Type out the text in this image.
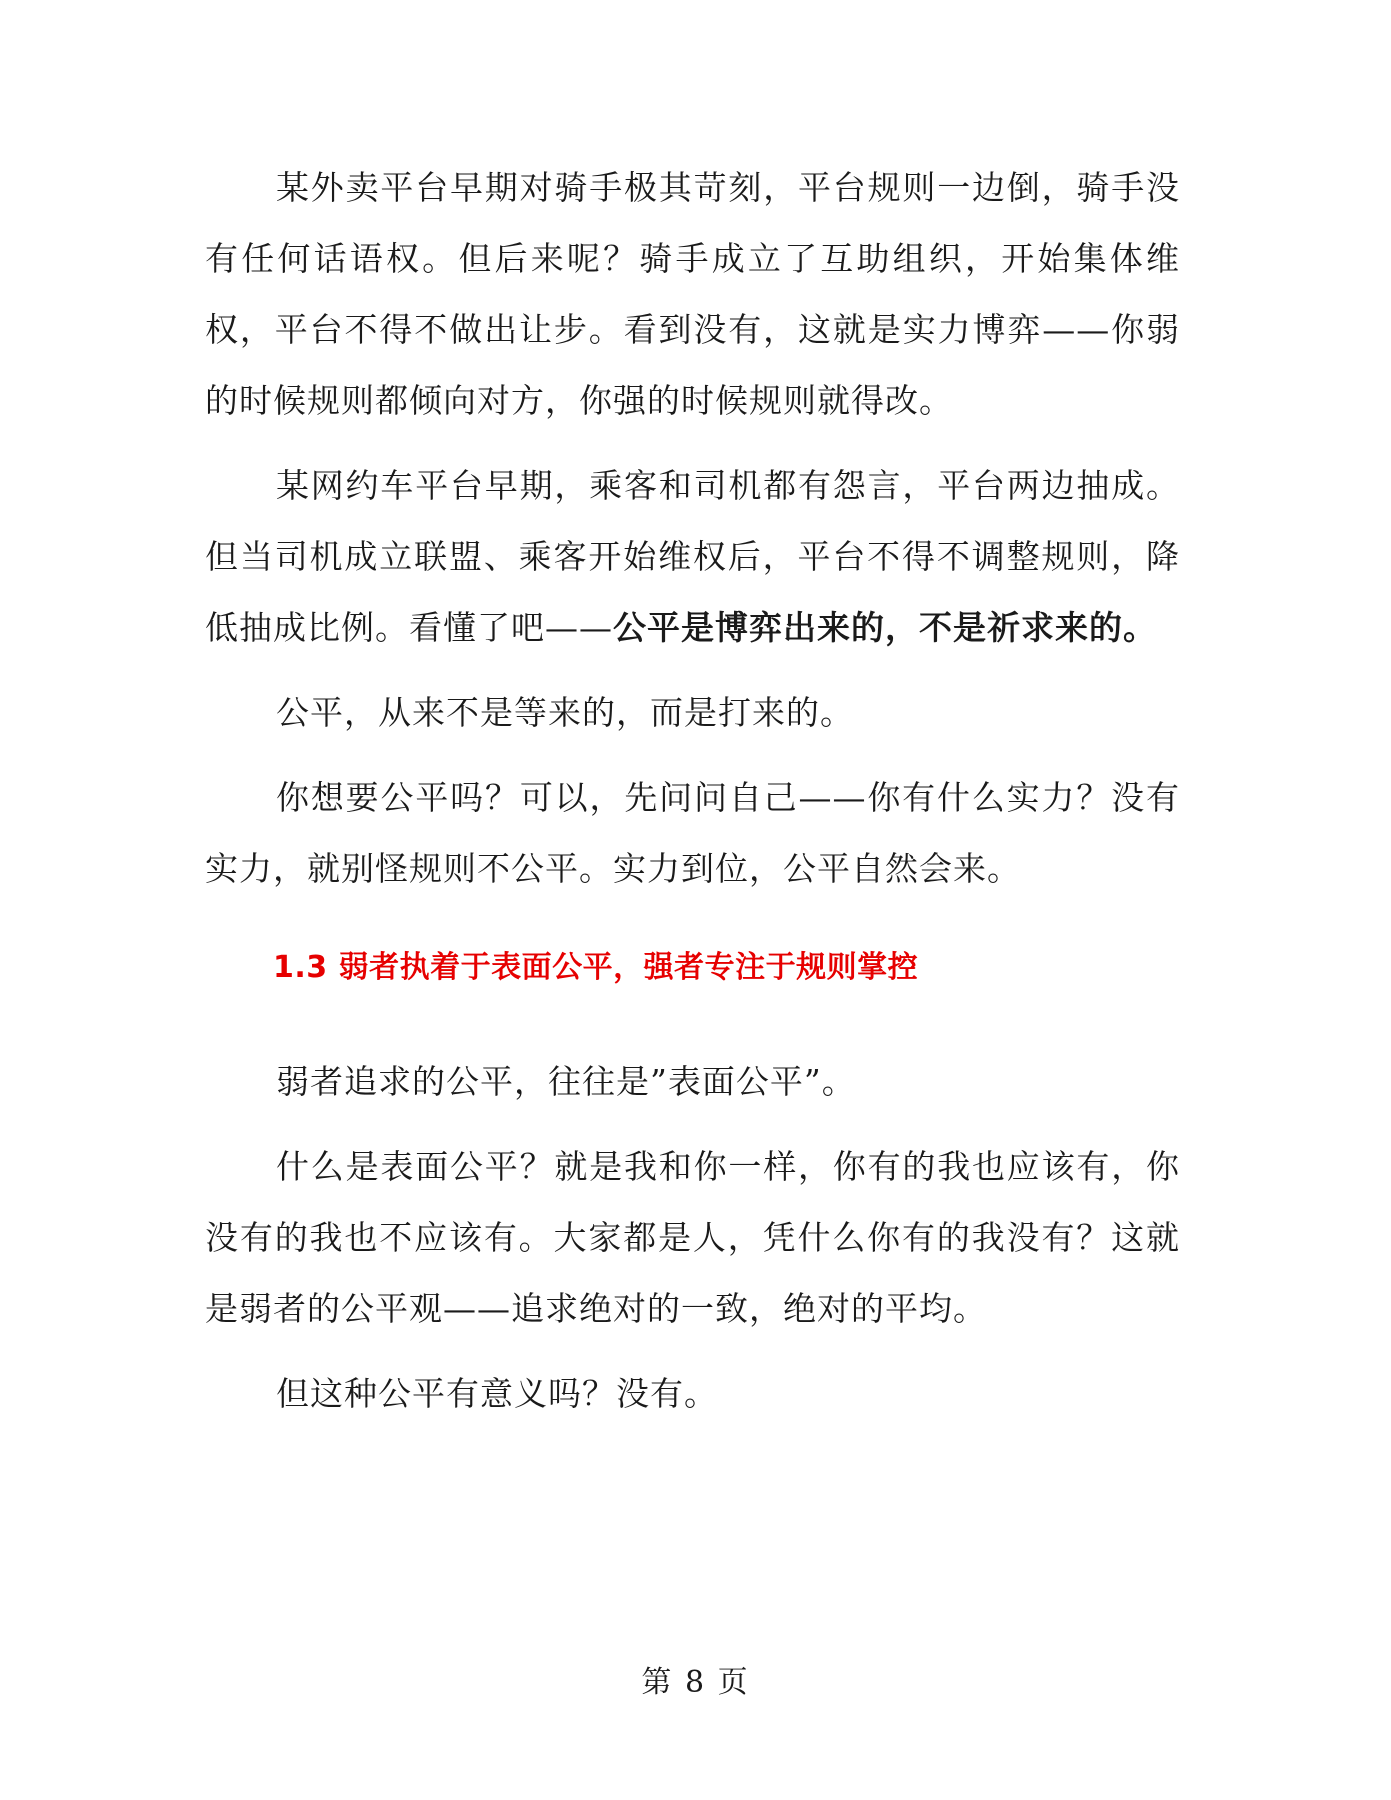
某外卖平台早期对骑手极其苛刻，平台规则一边倒，骑手没有任何话语权。但后来呢？骑手成立了互助组织，开始集体维权，平台不得不做出让步。看到没有，这就是实力博弈——你弱的时候规则都倾向对方，你强的时候规则就得改。

某网约车平台早期，乘客和司机都有怨言，平台两边抽成。但当司机成立联盟、乘客开始维权后，平台不得不调整规则，降低抽成比例。看懂了吧——公平是博弈出来的，不是祈求来的。

公平，从来不是等来的，而是打来的。

你想要公平吗？可以，先问问自己——你有什么实力？没有实力，就别怪规则不公平。实力到位，公平自然会来。

1.3 弱者执着于表面公平，强者专注于规则掌控

弱者追求的公平，往往是”表面公平”。

什么是表面公平？就是我和你一样，你有的我也应该有，你没有的我也不应该有。大家都是人，凭什么你有的我没有？这就是弱者的公平观——追求绝对的一致，绝对的平均。

但这种公平有意义吗？没有。

第 8 页
